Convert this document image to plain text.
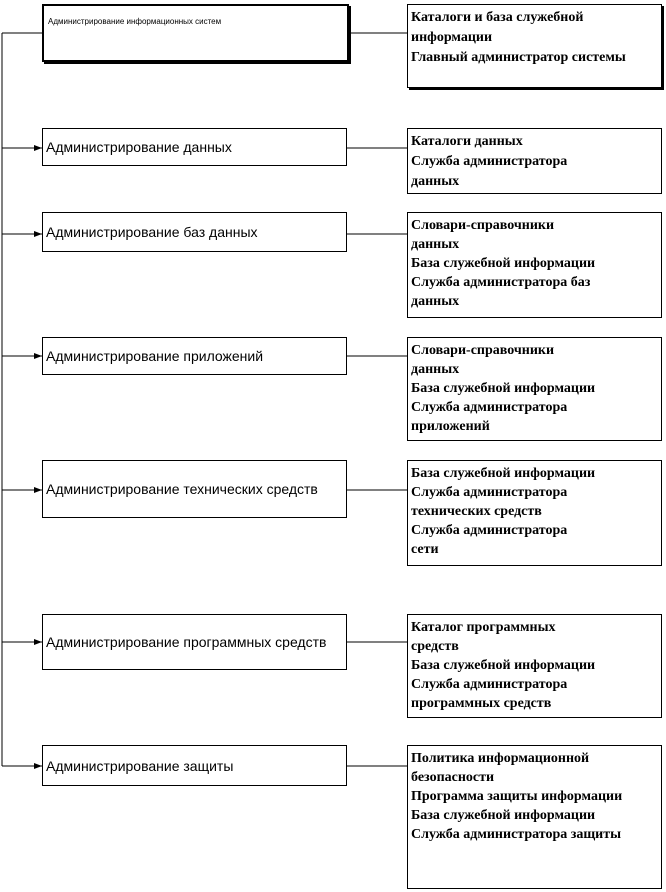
Администрирование информационных систем	Каталоги и база служебной
информации
Главный администратор системы
Администрирование данных	Каталоги данных
Служба администратора
данных
Администрирование баз данных	Словари-справочники
данных
База служебной информации
Служба администратора баз
данных
Администрирование приложений	Словари-справочники
данных
База служебной информации
Служба администратора
приложений
Администрирование технических средств
База служебной информации
Служба администратора
технических средств
Служба администратора
сети
Администрирование программных средств
Каталог программных
средств
База служебной информации
Служба администратора
программных средств
Администрирование защиты	Политика информационной
безопасности
Программа защиты информации
База служебной информации
Служба администратора защиты
